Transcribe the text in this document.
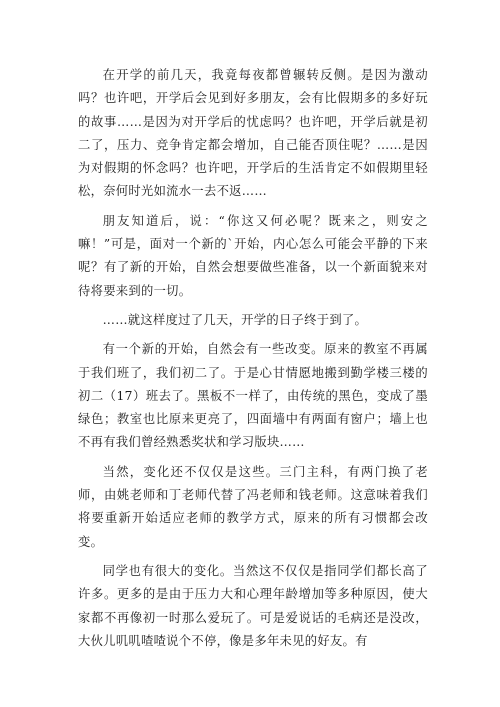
在开学的前几天，我竟每夜都曾辗转反侧。是因为激动吗？也许吧，开学后会见到好多朋友，会有比假期多的多好玩的故事……是因为对开学后的忧虑吗？也许吧，开学后就是初二了，压力、竞争肯定都会增加，自己能否顶住呢？……是因为对假期的怀念吗？也许吧，开学后的生活肯定不如假期里轻松，奈何时光如流水一去不返……

朋友知道后，说：“你这又何必呢？既来之，则安之嘛！”可是，面对一个新的`开始，内心怎么可能会平静的下来呢？有了新的开始，自然会想要做些准备，以一个新面貌来对待将要来到的一切。

……就这样度过了几天，开学的日子终于到了。

有一个新的开始，自然会有一些改变。原来的教室不再属于我们班了，我们初二了。于是心甘情愿地搬到勤学楼三楼的初二（17）班去了。黑板不一样了，由传统的黑色，变成了墨绿色；教室也比原来更亮了，四面墙中有两面有窗户；墙上也不再有我们曾经熟悉奖状和学习版块……

当然，变化还不仅仅是这些。三门主科，有两门换了老师，由姚老师和丁老师代替了冯老师和钱老师。这意味着我们将要重新开始适应老师的教学方式，原来的所有习惯都会改变。

同学也有很大的变化。当然这不仅仅是指同学们都长高了许多。更多的是由于压力大和心理年龄增加等多种原因，使大家都不再像初一时那么爱玩了。可是爱说话的毛病还是没改，大伙儿叽叽喳喳说个不停，像是多年未见的好友。有
